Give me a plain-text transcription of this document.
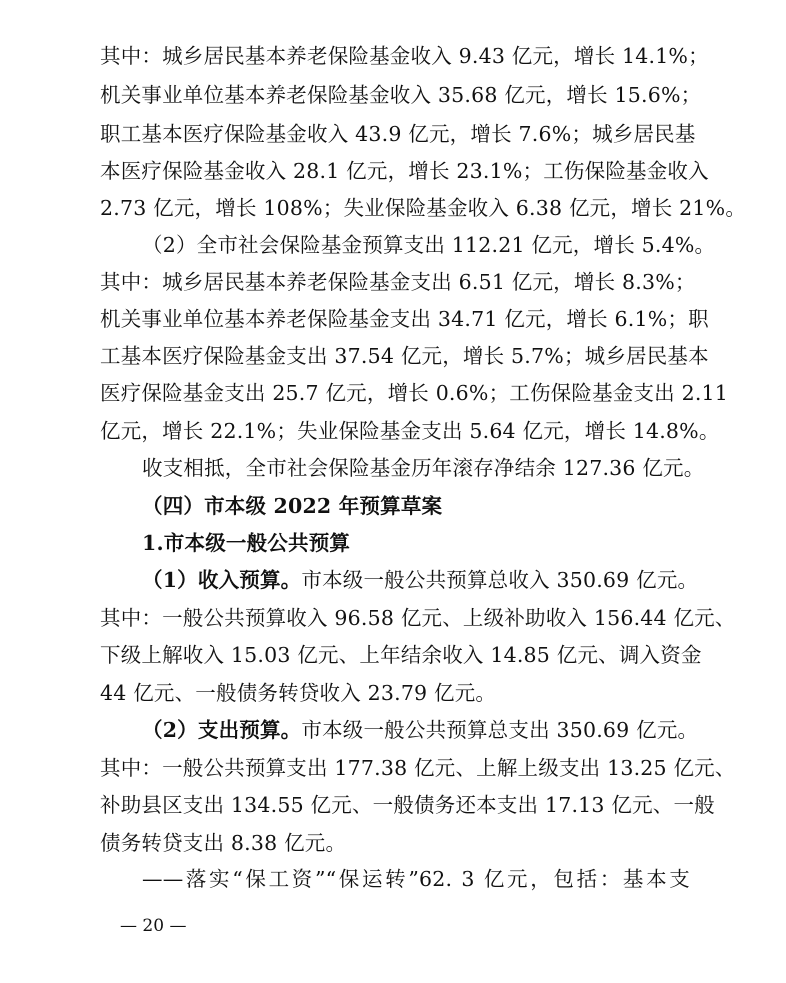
其中：城乡居民基本养老保险基金收入 9.43 亿元，增长 14.1%；
机关事业单位基本养老保险基金收入 35.68 亿元，增长 15.6%；
职工基本医疗保险基金收入 43.9 亿元，增长 7.6%；城乡居民基
本医疗保险基金收入 28.1 亿元，增长 23.1%；工伤保险基金收入
2.73 亿元，增长 108%；失业保险基金收入 6.38 亿元，增长 21%。
（2）全市社会保险基金预算支出 112.21 亿元，增长 5.4%。
其中：城乡居民基本养老保险基金支出 6.51 亿元，增长 8.3%；
机关事业单位基本养老保险基金支出 34.71 亿元，增长 6.1%；职
工基本医疗保险基金支出 37.54 亿元，增长 5.7%；城乡居民基本
医疗保险基金支出 25.7 亿元，增长 0.6%；工伤保险基金支出 2.11
亿元，增长 22.1%；失业保险基金支出 5.64 亿元，增长 14.8%。
收支相抵，全市社会保险基金历年滚存净结余 127.36 亿元。
（四）市本级 2022 年预算草案
1.市本级一般公共预算
（1）收入预算。市本级一般公共预算总收入 350.69 亿元。
其中：一般公共预算收入 96.58 亿元、上级补助收入 156.44 亿元、
下级上解收入 15.03 亿元、上年结余收入 14.85 亿元、调入资金
44 亿元、一般债务转贷收入 23.79 亿元。
（2）支出预算。市本级一般公共预算总支出 350.69 亿元。
其中：一般公共预算支出 177.38 亿元、上解上级支出 13.25 亿元、
补助县区支出 134.55 亿元、一般债务还本支出 17.13 亿元、一般
债务转贷支出 8.38 亿元。
——落实“保工资”“保运转”62. 3 亿元，包括：基本支
— 20 —
